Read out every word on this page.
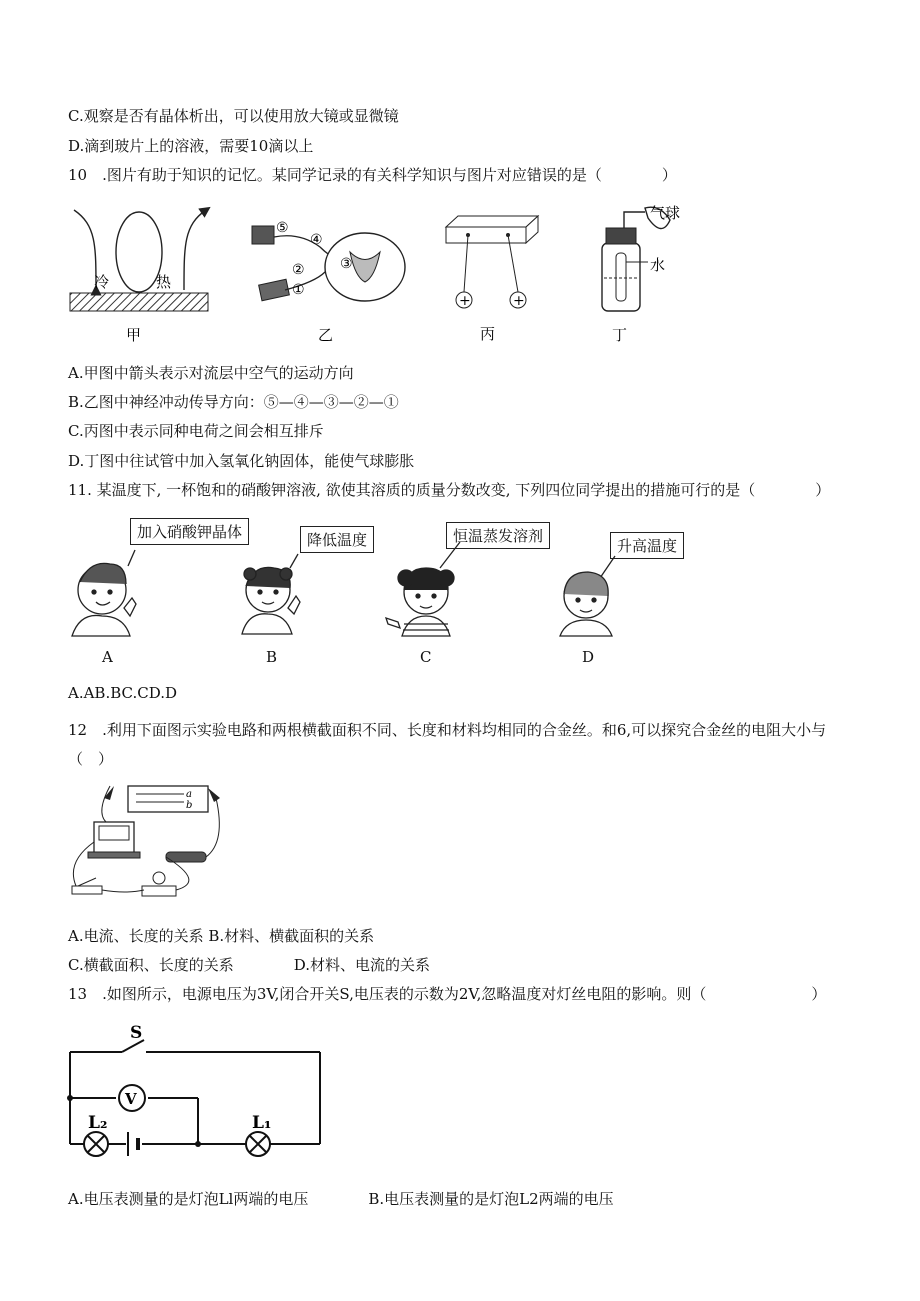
C.观察是否有晶体析出，可以使用放大镜或显微镜
D.滴到玻片上的溶液，需要10滴以上
10　.图片有助于知识的记忆。某同学记录的有关科学知识与图片对应错误的是（　　　　）
冷	热
甲
⑤
④
③
②
①
乙
+	+
丙
气球
水
丁
A.甲图中箭头表示对流层中空气的运动方向
B.乙图中神经冲动传导方向：⑤—④—③—②—①
C.丙图中表示同种电荷之间会相互排斥
D.丁图中往试管中加入氢氧化钠固体，能使气球膨胀
11. 某温度下, 一杯饱和的硝酸钾溶液, 欲使其溶质的质量分数改变, 下列四位同学提出的措施可行的是（　　　　）
加入硝酸钾晶体	降低温度	恒温蒸发溶剂
升高温度
A	B	C	D
A.AB.BC.CD.D
12　.利用下面图示实验电路和两根横截面积不同、长度和材料均相同的合金丝。和6,可以探究合金丝的电阻大小与
（　）
a
b
A.电流、长度的关系 B.材料、横截面积的关系
C.横截面积、长度的关系　　　　D.材料、电流的关系
13　.如图所示，电源电压为3V,闭合开关S,电压表的示数为2V,忽略温度对灯丝电阻的影响。则（　　　　　　　）
S
V
L₂	L₁
A.电压表测量的是灯泡Ll两端的电压　　　　B.电压表测量的是灯泡L2两端的电压
